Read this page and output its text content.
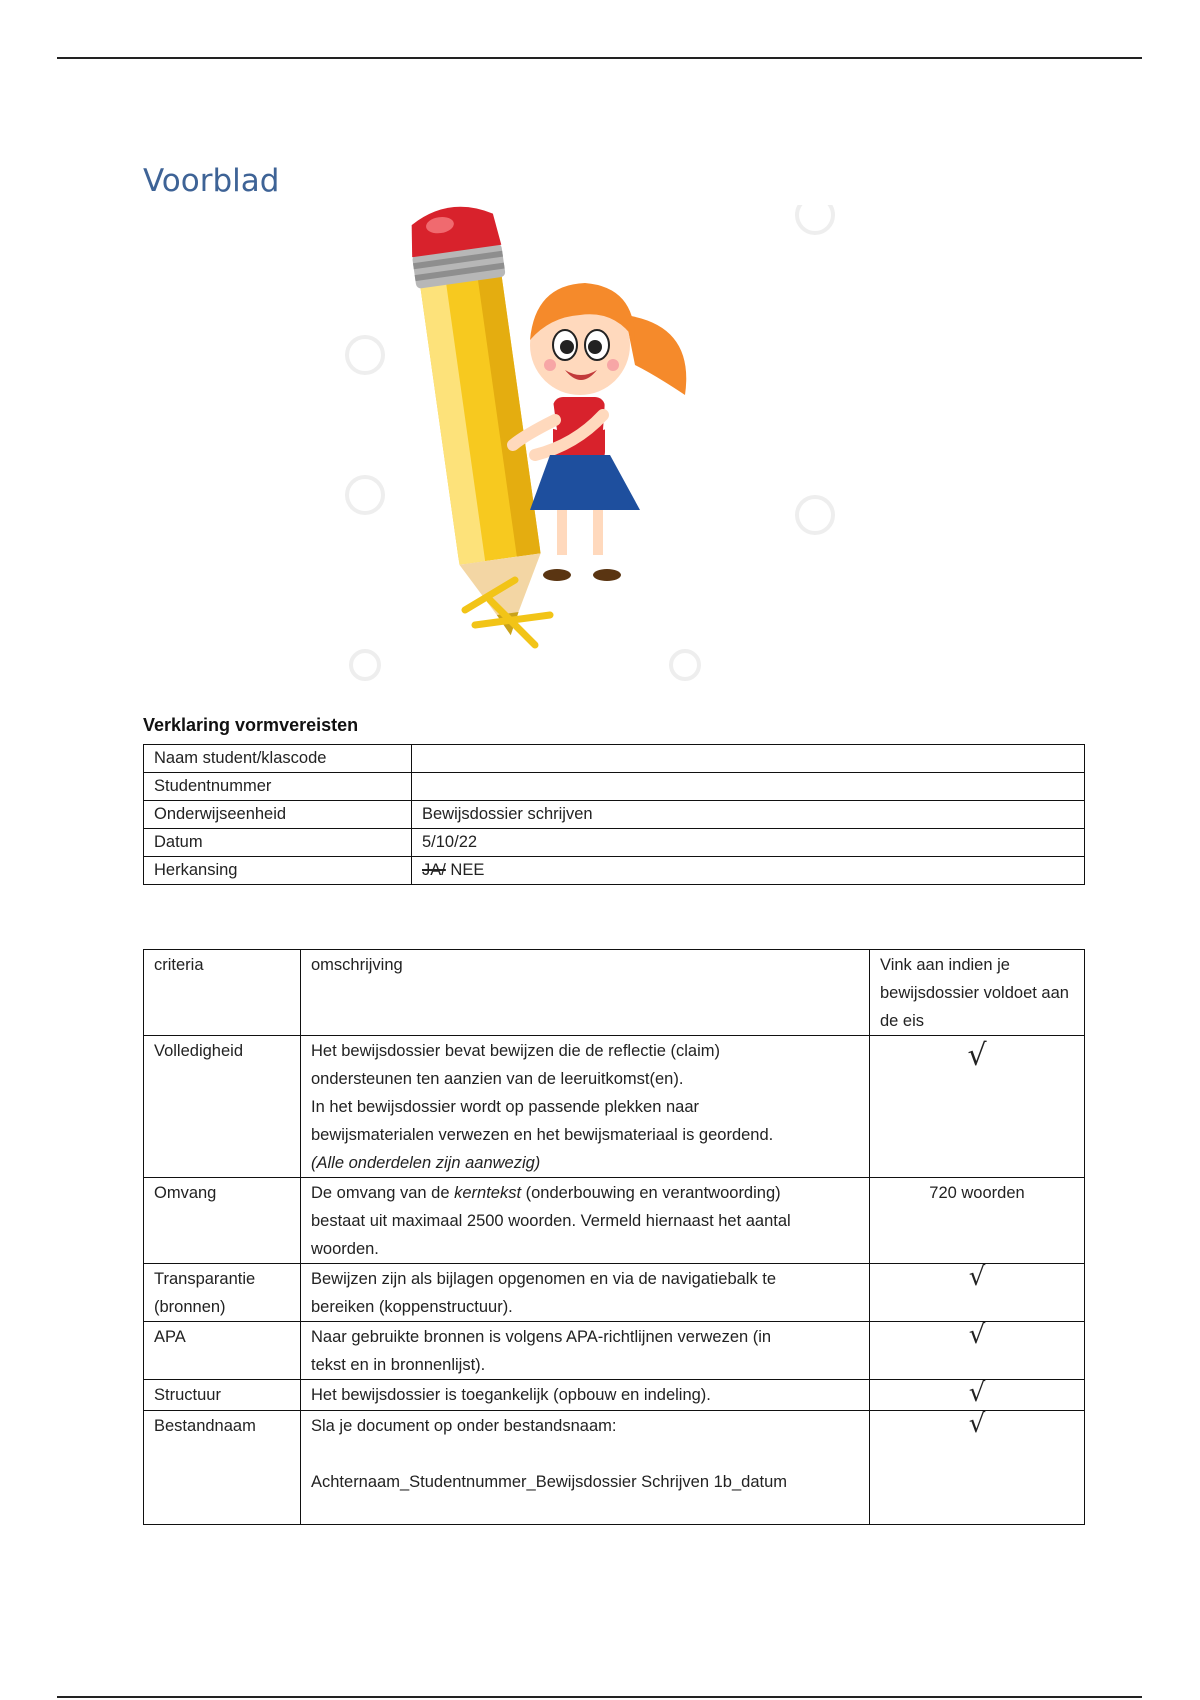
Voorblad
Verklaring vormvereisten
Naam student/klascode	
Studentnummer	
Onderwijseenheid	Bewijsdossier schrijven
Datum	5/10/22
Herkansing	JA/ NEE
criteria	omschrijving	Vink aan indien je bewijsdossier voldoet aan de eis
Volledigheid	Het bewijsdossier bevat bewijzen die de reflectie (claim)
ondersteunen ten aanzien van de leeruitkomst(en).
In het bewijsdossier wordt op passende plekken naar
bewijsmaterialen verwezen en het bewijsmateriaal is geordend.
(Alle onderdelen zijn aanwezig)	√
Omvang	De omvang van de kerntekst (onderbouwing en verantwoording)
bestaat uit maximaal 2500 woorden. Vermeld hiernaast het aantal
woorden.	720 woorden

Transparantie
(bronnen)	Bewijzen zijn als bijlagen opgenomen en via de navigatiebalk te
bereiken (koppenstructuur).	√
APA	Naar gebruikte bronnen is volgens APA-richtlijnen verwezen (in
tekst en in bronnenlijst).	√
Structuur	Het bewijsdossier is toegankelijk (opbouw en indeling).	√
Bestandnaam	Sla je document op onder bestandsnaam:
Achternaam_Studentnummer_Bewijsdossier Schrijven 1b_datum	√
